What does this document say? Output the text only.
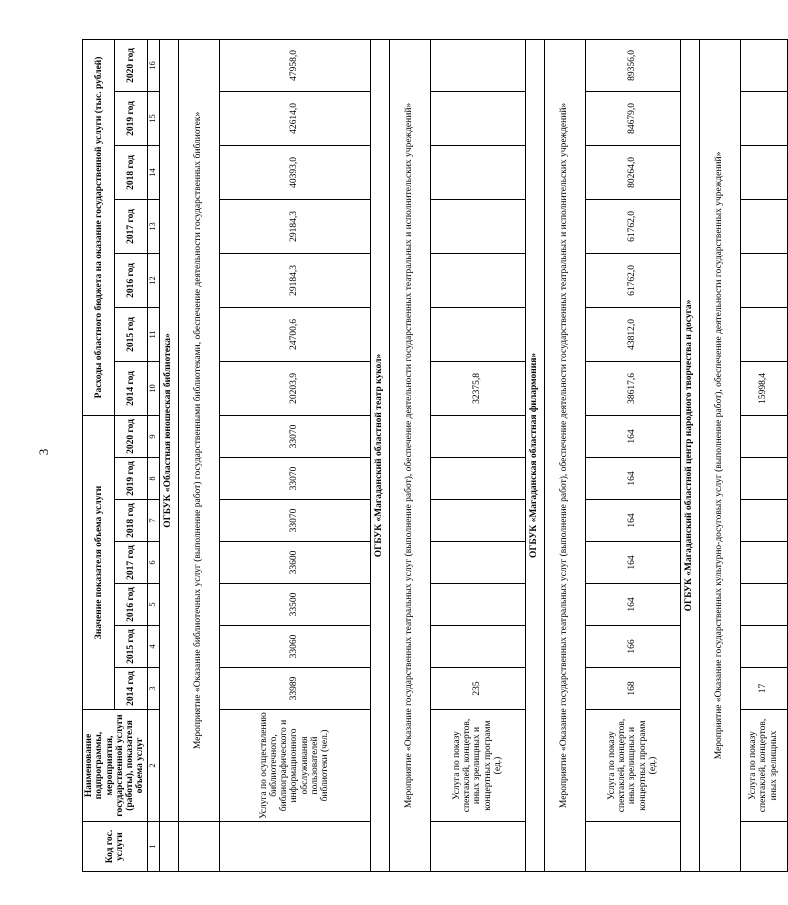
3
Код гос. услуги	Наименование подпрограммы, мероприятия, государственной услуги (работы), показателя объема услуг	Значение показателя объема услуги							Расходы областного бюджета на оказание государственной услуги (тыс. рублей)						
		2014 год	2015 год	2016 год	2017 год	2018 год	2019 год	2020 год	2014 год	2015 год	2016 год	2017 год	2018 год	2019 год	2020 год
1	2	3	4	5	6	7	8	9	10	11	12	13	14	15	16
	ОГБУК «Областная юношеская библиотека»														
	Мероприятие «Оказание библиотечных услуг (выполнение работ) государственными библиотеками, обеспечение деятельности государственных библиотек»														
	Услуга по осуществлению библиотечного, библиографического и информационного обслуживания пользователей библиотеки (чел.)	33989	33060	33500	33600	33070	33070	33070	20203,9	24700,6	29184,3	29184,3	40393,0	42614,0	47958,0
ОГБУК «Магаданский областной театр кукол»															
Мероприятие «Оказание государственных театральных услуг (выполнение работ), обеспечение деятельности государственных театральных и исполнительских учреждений»															
	Услуга по показу спектаклей, концертов, иных зрелищных и концертных программ (ед.)	235							32375,8						
ОГБУК «Магаданская областная филармония»															
Мероприятие «Оказание государственных театральных услуг (выполнение работ), обеспечение деятельности государственных театральных и исполнительских учреждений»															
	Услуга по показу спектаклей, концертов, иных зрелищных и концертных программ (ед.)	168	166	164	164	164	164	164	38617,6	43812,0	61762,0	61762,0	80264,0	84679,0	89356,0
ОГБУК «Магаданский областной центр народного творчества и досуга»															
Мероприятие «Оказание государственных культурно-досуговых услуг (выполнение работ), обеспечение деятельности государственных учреждений»															
	Услуга по показу спектаклей, концертов, иных зрелищных	17							15998,4						
